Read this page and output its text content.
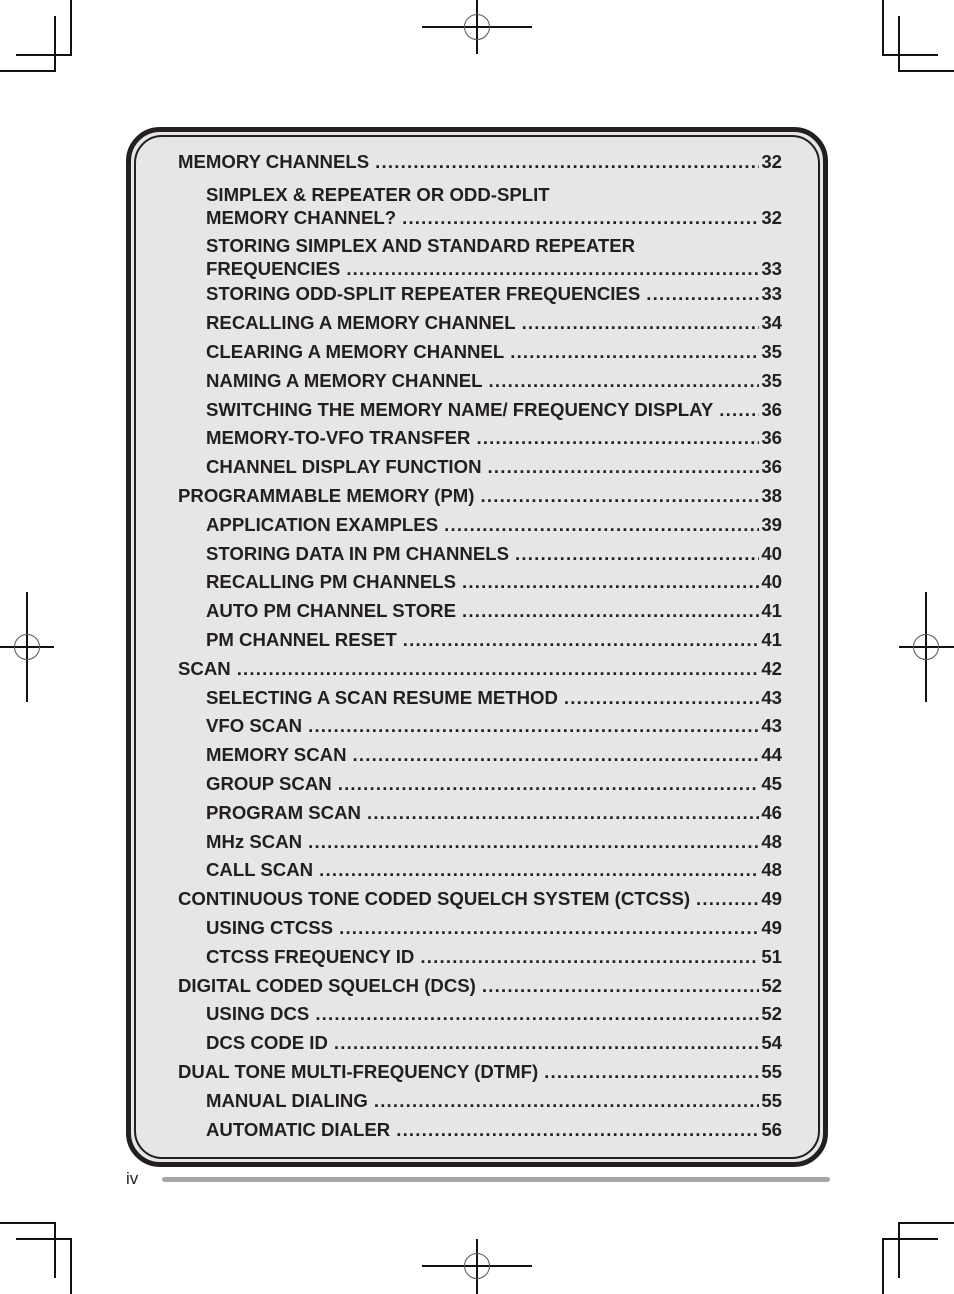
MEMORY CHANNELS .....	32
SIMPLEX & REPEATER OR ODD-SPLIT
MEMORY CHANNEL? .....	32
STORING SIMPLEX AND STANDARD REPEATER
FREQUENCIES .....	33
STORING ODD-SPLIT REPEATER FREQUENCIES .....	33
RECALLING A MEMORY CHANNEL .....	34
CLEARING A MEMORY CHANNEL .....	35
NAMING A MEMORY CHANNEL .....	35
SWITCHING THE MEMORY NAME/ FREQUENCY DISPLAY .....	36
MEMORY-TO-VFO TRANSFER .....	36
CHANNEL DISPLAY FUNCTION .....	36
PROGRAMMABLE MEMORY (PM) .....	38
APPLICATION EXAMPLES .....	39
STORING DATA IN PM CHANNELS .....	40
RECALLING PM CHANNELS .....	40
AUTO PM CHANNEL STORE .....	41
PM CHANNEL RESET .....	41
SCAN .....	42
SELECTING A SCAN RESUME METHOD .....	43
VFO SCAN .....	43
MEMORY SCAN .....	44
GROUP SCAN .....	45
PROGRAM SCAN .....	46
MHz SCAN .....	48
CALL SCAN .....	48
CONTINUOUS TONE CODED SQUELCH SYSTEM (CTCSS) .....	49
USING CTCSS .....	49
CTCSS FREQUENCY ID .....	51
DIGITAL CODED SQUELCH (DCS) .....	52
USING DCS .....	52
DCS CODE ID .....	54
DUAL TONE MULTI-FREQUENCY (DTMF) .....	55
MANUAL DIALING .....	55
AUTOMATIC DIALER .....	56
iv
